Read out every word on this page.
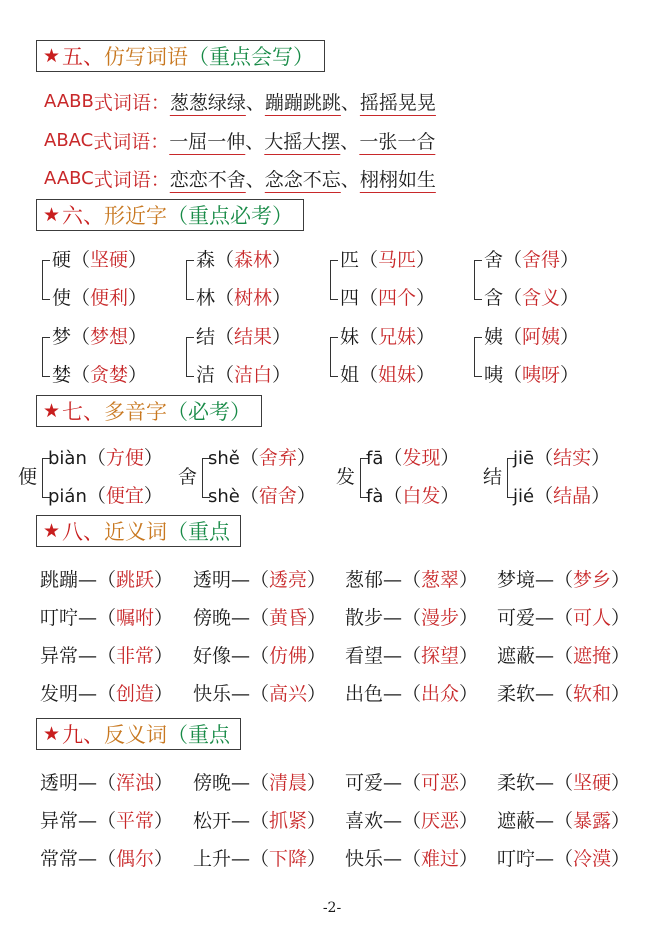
★ 五、 仿写词语 （重点会写）
★ 六、 形近字 （重点必考）
★ 七、 多音字 （必考）
★ 八、 近义词 （重点
★ 九、 反义词 （重点
AABB 式词语： 葱葱绿绿 、 蹦蹦跳跳 、 摇摇晃晃
ABAC 式词语： 一屈一伸 、 大摇大摆 、 一张一合
AABC 式词语： 恋恋不舍 、 念念不忘 、 栩栩如生
硬（坚硬）
使（便利）
森（森林）
林（树林）
匹（马匹）
四（四个）
舍（舍得）
含（含义）
梦（梦想）
婪（贪婪）
结（结果）
洁（洁白）
妹（兄妹）
姐（姐妹）
姨（阿姨）
咦（咦呀）
便
biàn（方便）
pián（便宜）
舍
shě（舍弃）
shè（宿舍）
发
fā（发现）
fà（白发）
结
jiē（结实）
jié（结晶）
跳蹦—（跳跃） 透明—（透亮） 葱郁—（葱翠） 梦境—（梦乡）
叮咛—（嘱咐） 傍晚—（黄昏） 散步—（漫步） 可爱—（可人）
异常—（非常） 好像—（仿佛） 看望—（探望） 遮蔽—（遮掩）
发明—（创造） 快乐—（高兴） 出色—（出众） 柔软—（软和）
透明—（浑浊） 傍晚—（清晨） 可爱—（可恶） 柔软—（坚硬）
异常—（平常） 松开—（抓紧） 喜欢—（厌恶） 遮蔽—（暴露）
常常—（偶尔） 上升—（下降） 快乐—（难过） 叮咛—（冷漠）
-2-
